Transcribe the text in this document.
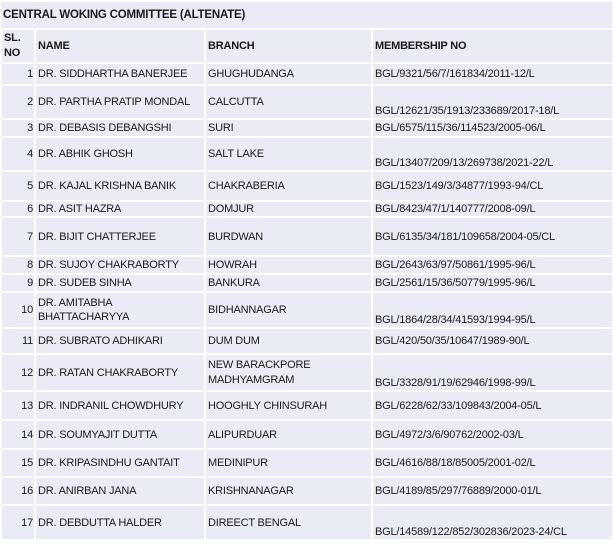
CENTRAL WOKING COMMITTEE (ALTENATE)			
SL. NO	NAME	BRANCH	MEMBERSHIP NO
1	DR. SIDDHARTHA BANERJEE	GHUGHUDANGA	BGL/9321/56/7/161834/2011-12/L
2	DR. PARTHA PRATIP MONDAL	CALCUTTA	BGL/12621/35/1913/233689/2017-18/L
3	DR. DEBASIS DEBANGSHI	SURI	BGL/6575/115/36/114523/2005-06/L
4	DR. ABHIK GHOSH	SALT LAKE	BGL/13407/209/13/269738/2021-22/L
5	DR. KAJAL KRISHNA BANIK	CHAKRABERIA	BGL/1523/149/3/34877/1993-94/CL
6	DR. ASIT HAZRA	DOMJUR	BGL/8423/47/1/140777/2008-09/L
7	DR. BIJIT CHATTERJEE	BURDWAN	BGL/6135/34/181/109658/2004-05/CL
8	DR. SUJOY CHAKRABORTY	HOWRAH	BGL/2643/63/97/50861/1995-96/L
9	DR. SUDEB SINHA	BANKURA	BGL/2561/15/36/50779/1995-96/L
10	DR. AMITABHA BHATTACHARYYA	BIDHANNAGAR	BGL/1864/28/34/41593/1994-95/L
11	DR. SUBRATO ADHIKARI	DUM DUM	BGL/420/50/35/10647/1989-90/L
12	DR. RATAN CHAKRABORTY	NEW BARACKPORE MADHYAMGRAM	BGL/3328/91/19/62946/1998-99/L
13	DR. INDRANIL CHOWDHURY	HOOGHLY CHINSURAH	BGL/6228/62/33/109843/2004-05/L
14	DR. SOUMYAJIT DUTTA	ALIPURDUAR	BGL/4972/3/6/90762/2002-03/L
15	DR. KRIPASINDHU GANTAIT	MEDINIPUR	BGL/4616/88/18/85005/2001-02/L
16	DR. ANIRBAN JANA	KRISHNANAGAR	BGL/4189/85/297/76889/2000-01/L
17	DR. DEBDUTTA HALDER	DIREECT BENGAL	BGL/14589/122/852/302836/2023-24/CL
